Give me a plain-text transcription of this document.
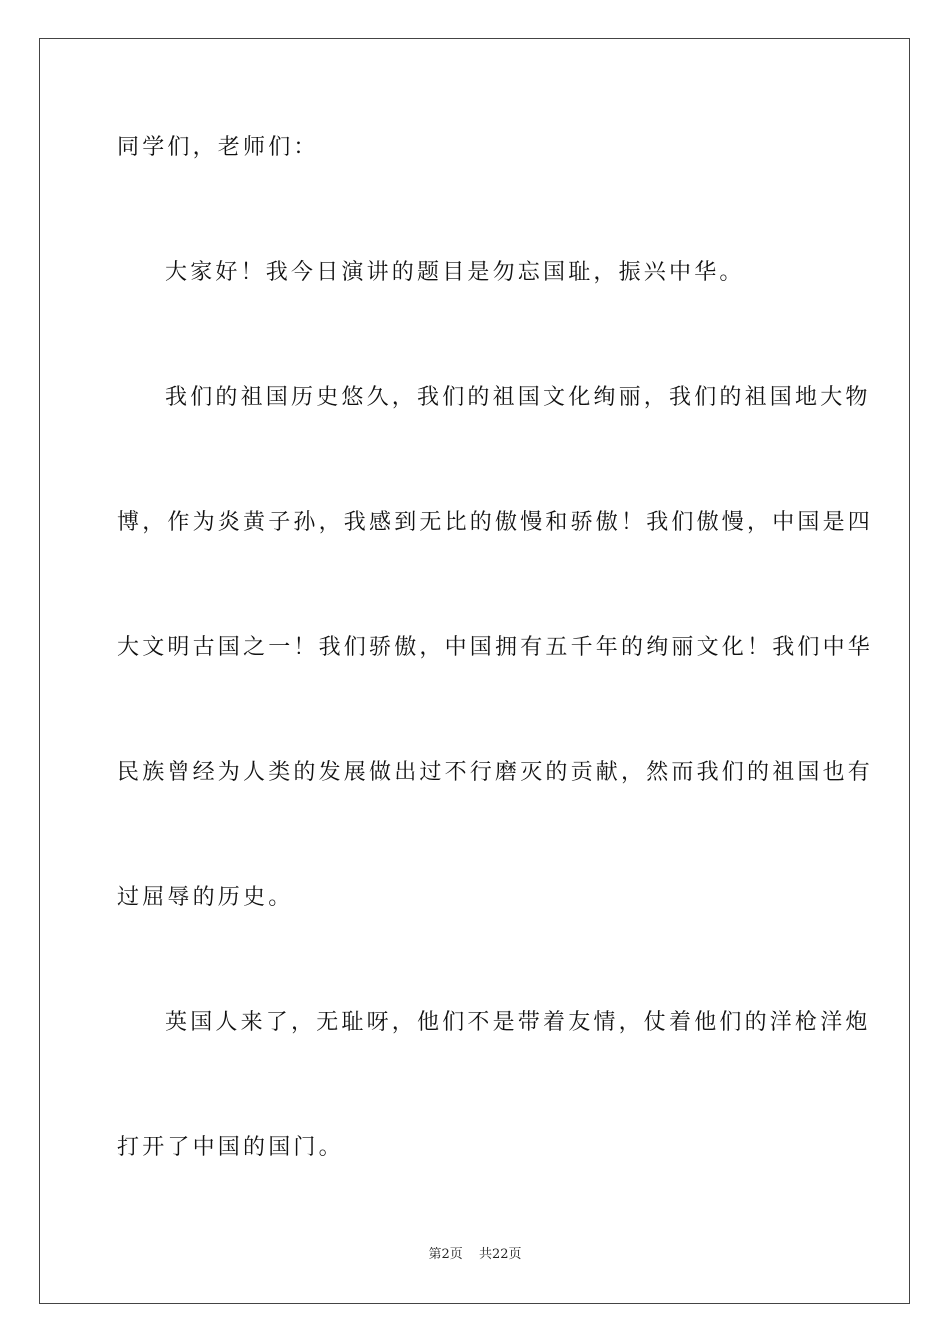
同学们，老师们：
大家好！我今日演讲的题目是勿忘国耻，振兴中华。
我们的祖国历史悠久，我们的祖国文化绚丽，我们的祖国地大物
博，作为炎黄子孙，我感到无比的傲慢和骄傲！我们傲慢，中国是四
大文明古国之一！我们骄傲，中国拥有五千年的绚丽文化！我们中华
民族曾经为人类的发展做出过不行磨灭的贡献，然而我们的祖国也有
过屈辱的历史。
英国人来了，无耻呀，他们不是带着友情，仗着他们的洋枪洋炮
打开了中国的国门。
第2页 共22页
